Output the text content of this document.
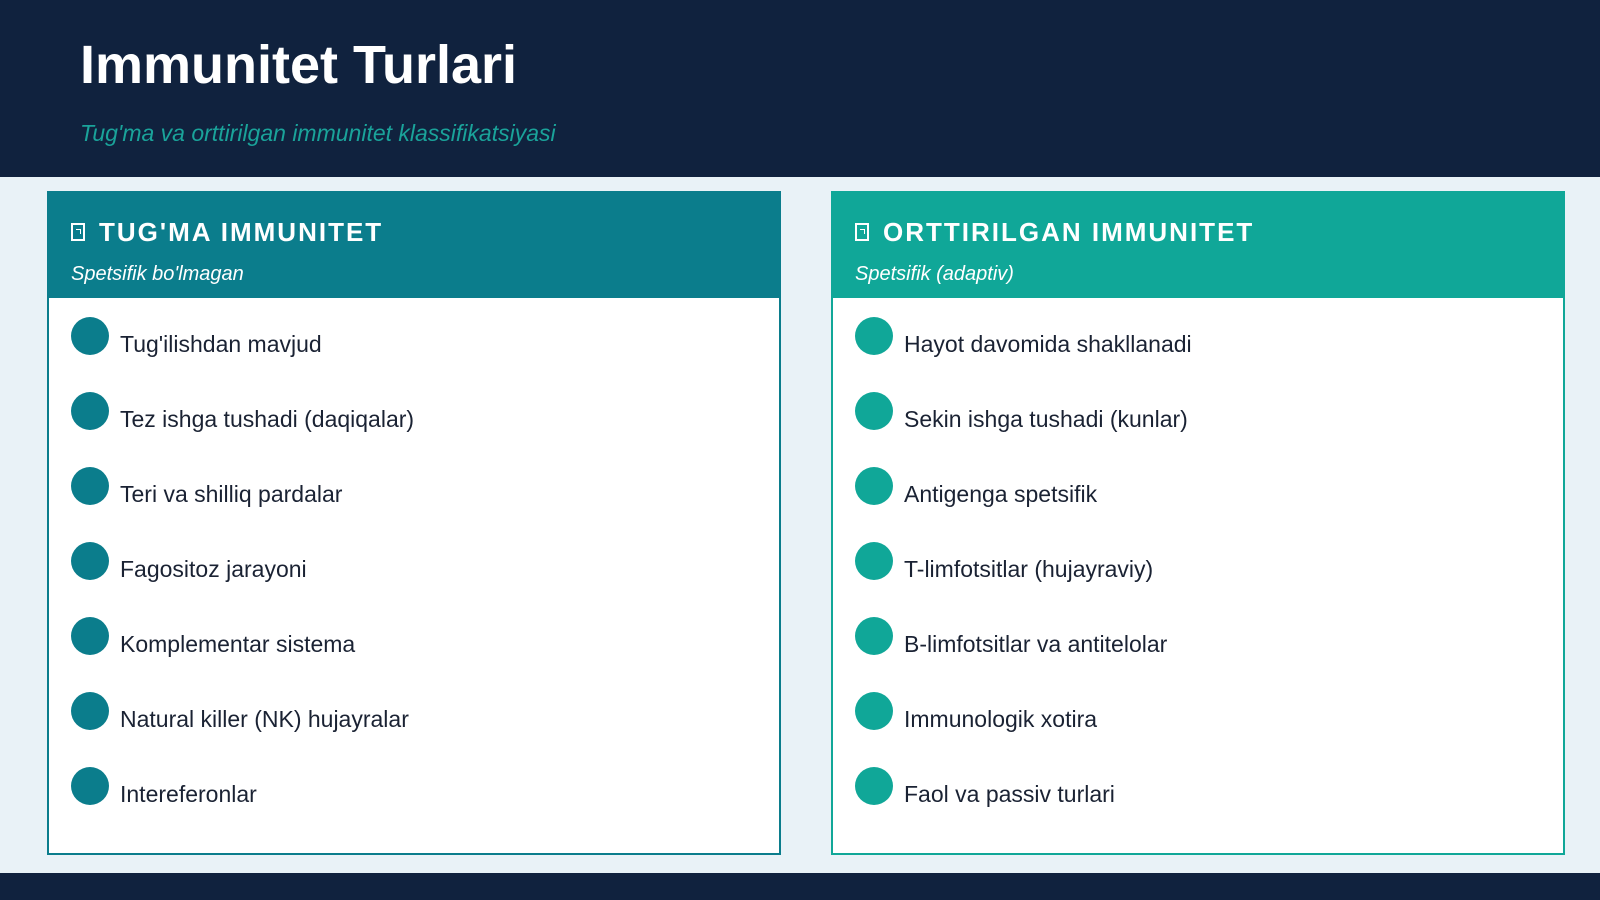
Immunitet Turlari

Tug'ma va orttirilgan immunitet klassifikatsiyasi

TUG'MA IMMUNITET
Spetsifik bo'lmagan
Tug'ilishdan mavjud
Tez ishga tushadi (daqiqalar)
Teri va shilliq pardalar
Fagositoz jarayoni
Komplementar sistema
Natural killer (NK) hujayralar
Intereferonlar
ORTTIRILGAN IMMUNITET
Spetsifik (adaptiv)
Hayot davomida shakllanadi
Sekin ishga tushadi (kunlar)
Antigenga spetsifik
T-limfotsitlar (hujayraviy)
B-limfotsitlar va antitelolar
Immunologik xotira
Faol va passiv turlari
